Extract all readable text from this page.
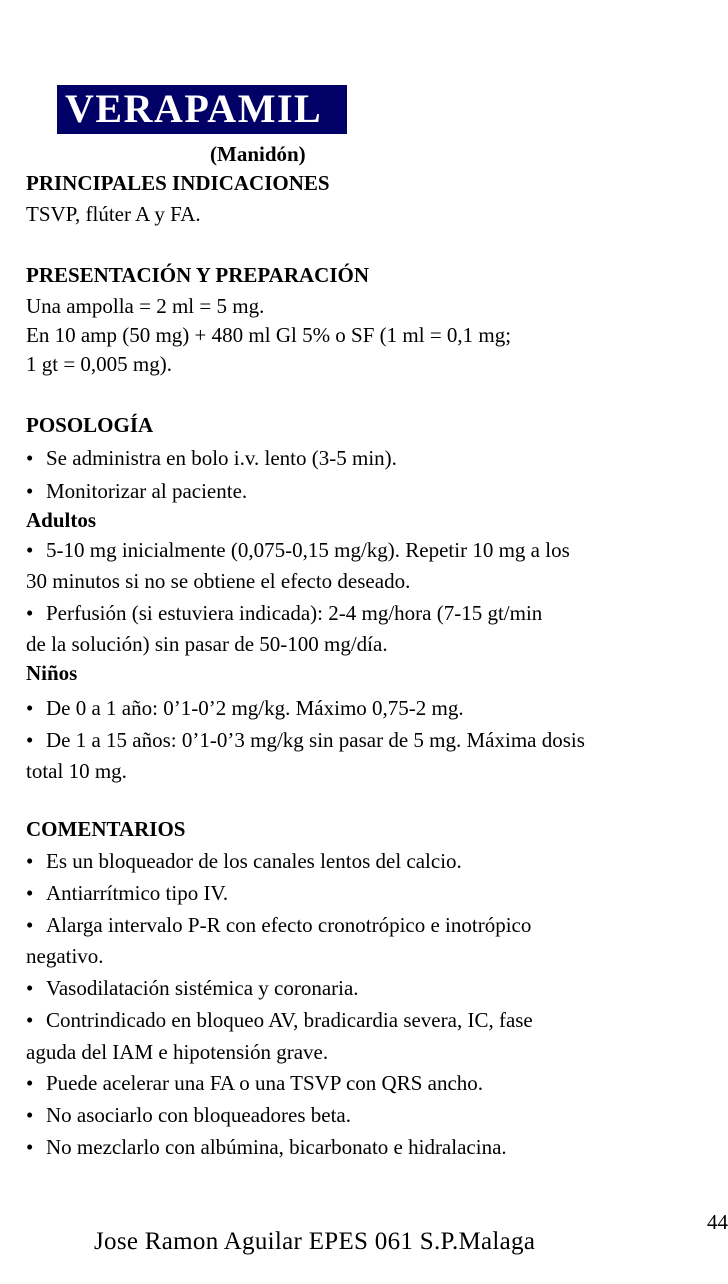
VERAPAMIL
(Manidón)
PRINCIPALES INDICACIONES
TSVP, flúter A y FA.
PRESENTACIÓN Y PREPARACIÓN
Una ampolla = 2 ml = 5 mg.
En 10 amp (50 mg) + 480 ml Gl 5% o SF (1 ml = 0,1 mg;
1 gt = 0,005 mg).
POSOLOGÍA
• Se administra en bolo i.v. lento (3-5 min).
• Monitorizar al paciente.
Adultos
• 5-10 mg inicialmente (0,075-0,15 mg/kg). Repetir 10 mg a los
30 minutos si no se obtiene el efecto deseado.
• Perfusión (si estuviera indicada): 2-4 mg/hora (7-15 gt/min
de la solución) sin pasar de 50-100 mg/día.
Niños
• De 0 a 1 año: 0’1-0’2 mg/kg. Máximo 0,75-2 mg.
• De 1 a 15 años: 0’1-0’3 mg/kg sin pasar de 5 mg. Máxima dosis
total 10 mg.
COMENTARIOS
• Es un bloqueador de los canales lentos del calcio.
• Antiarrítmico tipo IV.
• Alarga intervalo P-R con efecto cronotrópico e inotrópico
negativo.
• Vasodilatación sistémica y coronaria.
• Contrindicado en bloqueo AV, bradicardia severa, IC, fase
aguda del IAM e hipotensión grave.
• Puede acelerar una FA o una TSVP con QRS ancho.
• No asociarlo con bloqueadores beta.
• No mezclarlo con albúmina, bicarbonato e hidralacina.
44
Jose Ramon Aguilar EPES 061 S.P.Malaga
